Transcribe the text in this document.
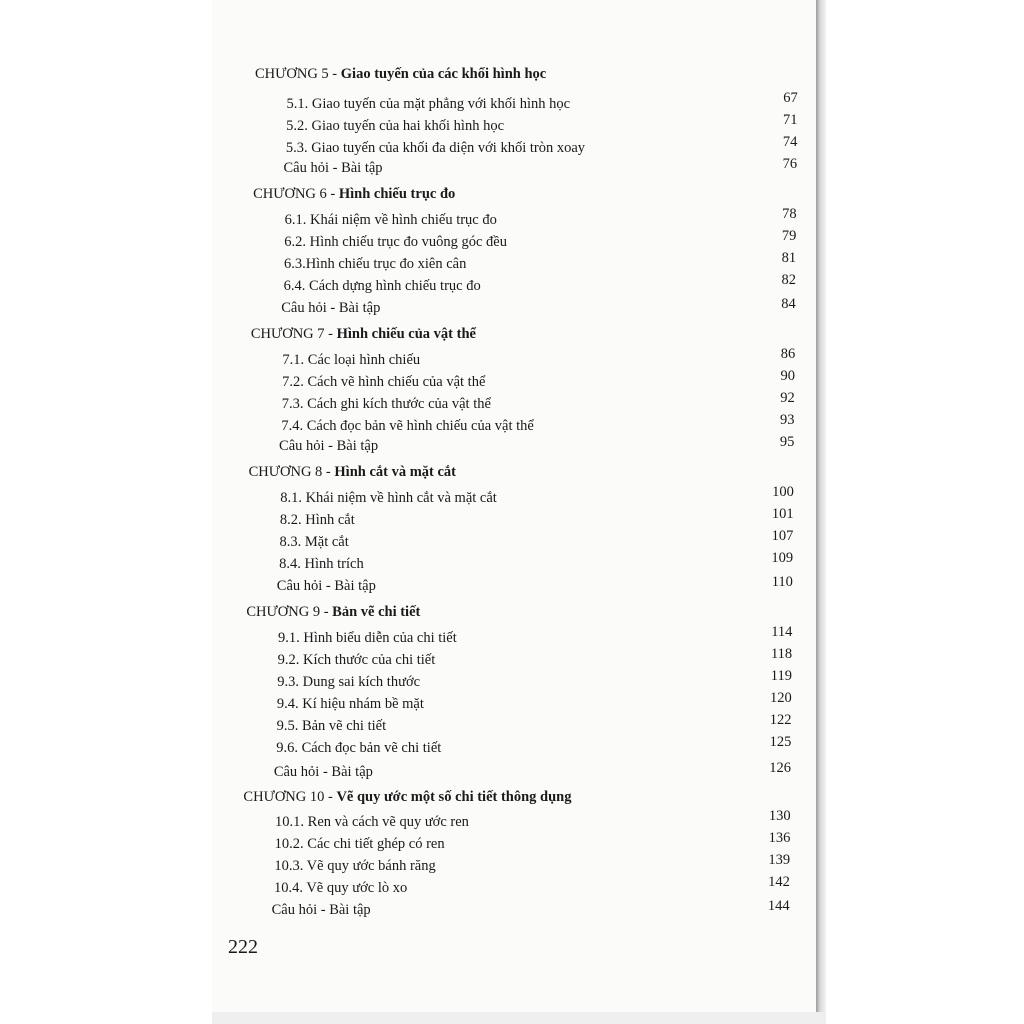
CHƯƠNG 5 - Giao tuyến của các khối hình học
5.1. Giao tuyến của mặt phẳng với khối hình học	67
5.2. Giao tuyến của hai khối hình học	71
5.3. Giao tuyến của khối đa diện với khối tròn xoay	74
Câu hỏi - Bài tập	76
CHƯƠNG 6 - Hình chiếu trục đo
6.1. Khái niệm về hình chiếu trục đo	78
6.2. Hình chiếu trục đo vuông góc đều	79
6.3.Hình chiếu trục đo xiên cân	81
6.4. Cách dựng hình chiếu trục đo	82
Câu hỏi - Bài tập	84
CHƯƠNG 7 - Hình chiếu của vật thể
7.1. Các loại hình chiếu	86
7.2. Cách vẽ hình chiếu của vật thể	90
7.3. Cách ghi kích thước của vật thể	92
7.4. Cách đọc bản vẽ hình chiếu của vật thể	93
Câu hỏi - Bài tập	95
CHƯƠNG 8 - Hình cắt và mặt cắt
8.1. Khái niệm về hình cắt và mặt cắt	100
8.2. Hình cắt	101
8.3. Mặt cắt	107
8.4. Hình trích	109
Câu hỏi - Bài tập	110
CHƯƠNG 9 - Bản vẽ chi tiết
9.1. Hình biểu diễn của chi tiết	114
9.2. Kích thước của chi tiết	118
9.3. Dung sai kích thước	119
9.4. Kí hiệu nhám bề mặt	120
9.5. Bản vẽ chi tiết	122
9.6. Cách đọc bản vẽ chi tiết	125
Câu hỏi - Bài tập	126
CHƯƠNG 10 - Vẽ quy ước một số chi tiết thông dụng
10.1. Ren và cách vẽ quy ước ren	130
10.2. Các chi tiết ghép có ren	136
10.3. Vẽ quy ước bánh răng	139
10.4. Vẽ quy ước lò xo	142
Câu hỏi - Bài tập	144
222
